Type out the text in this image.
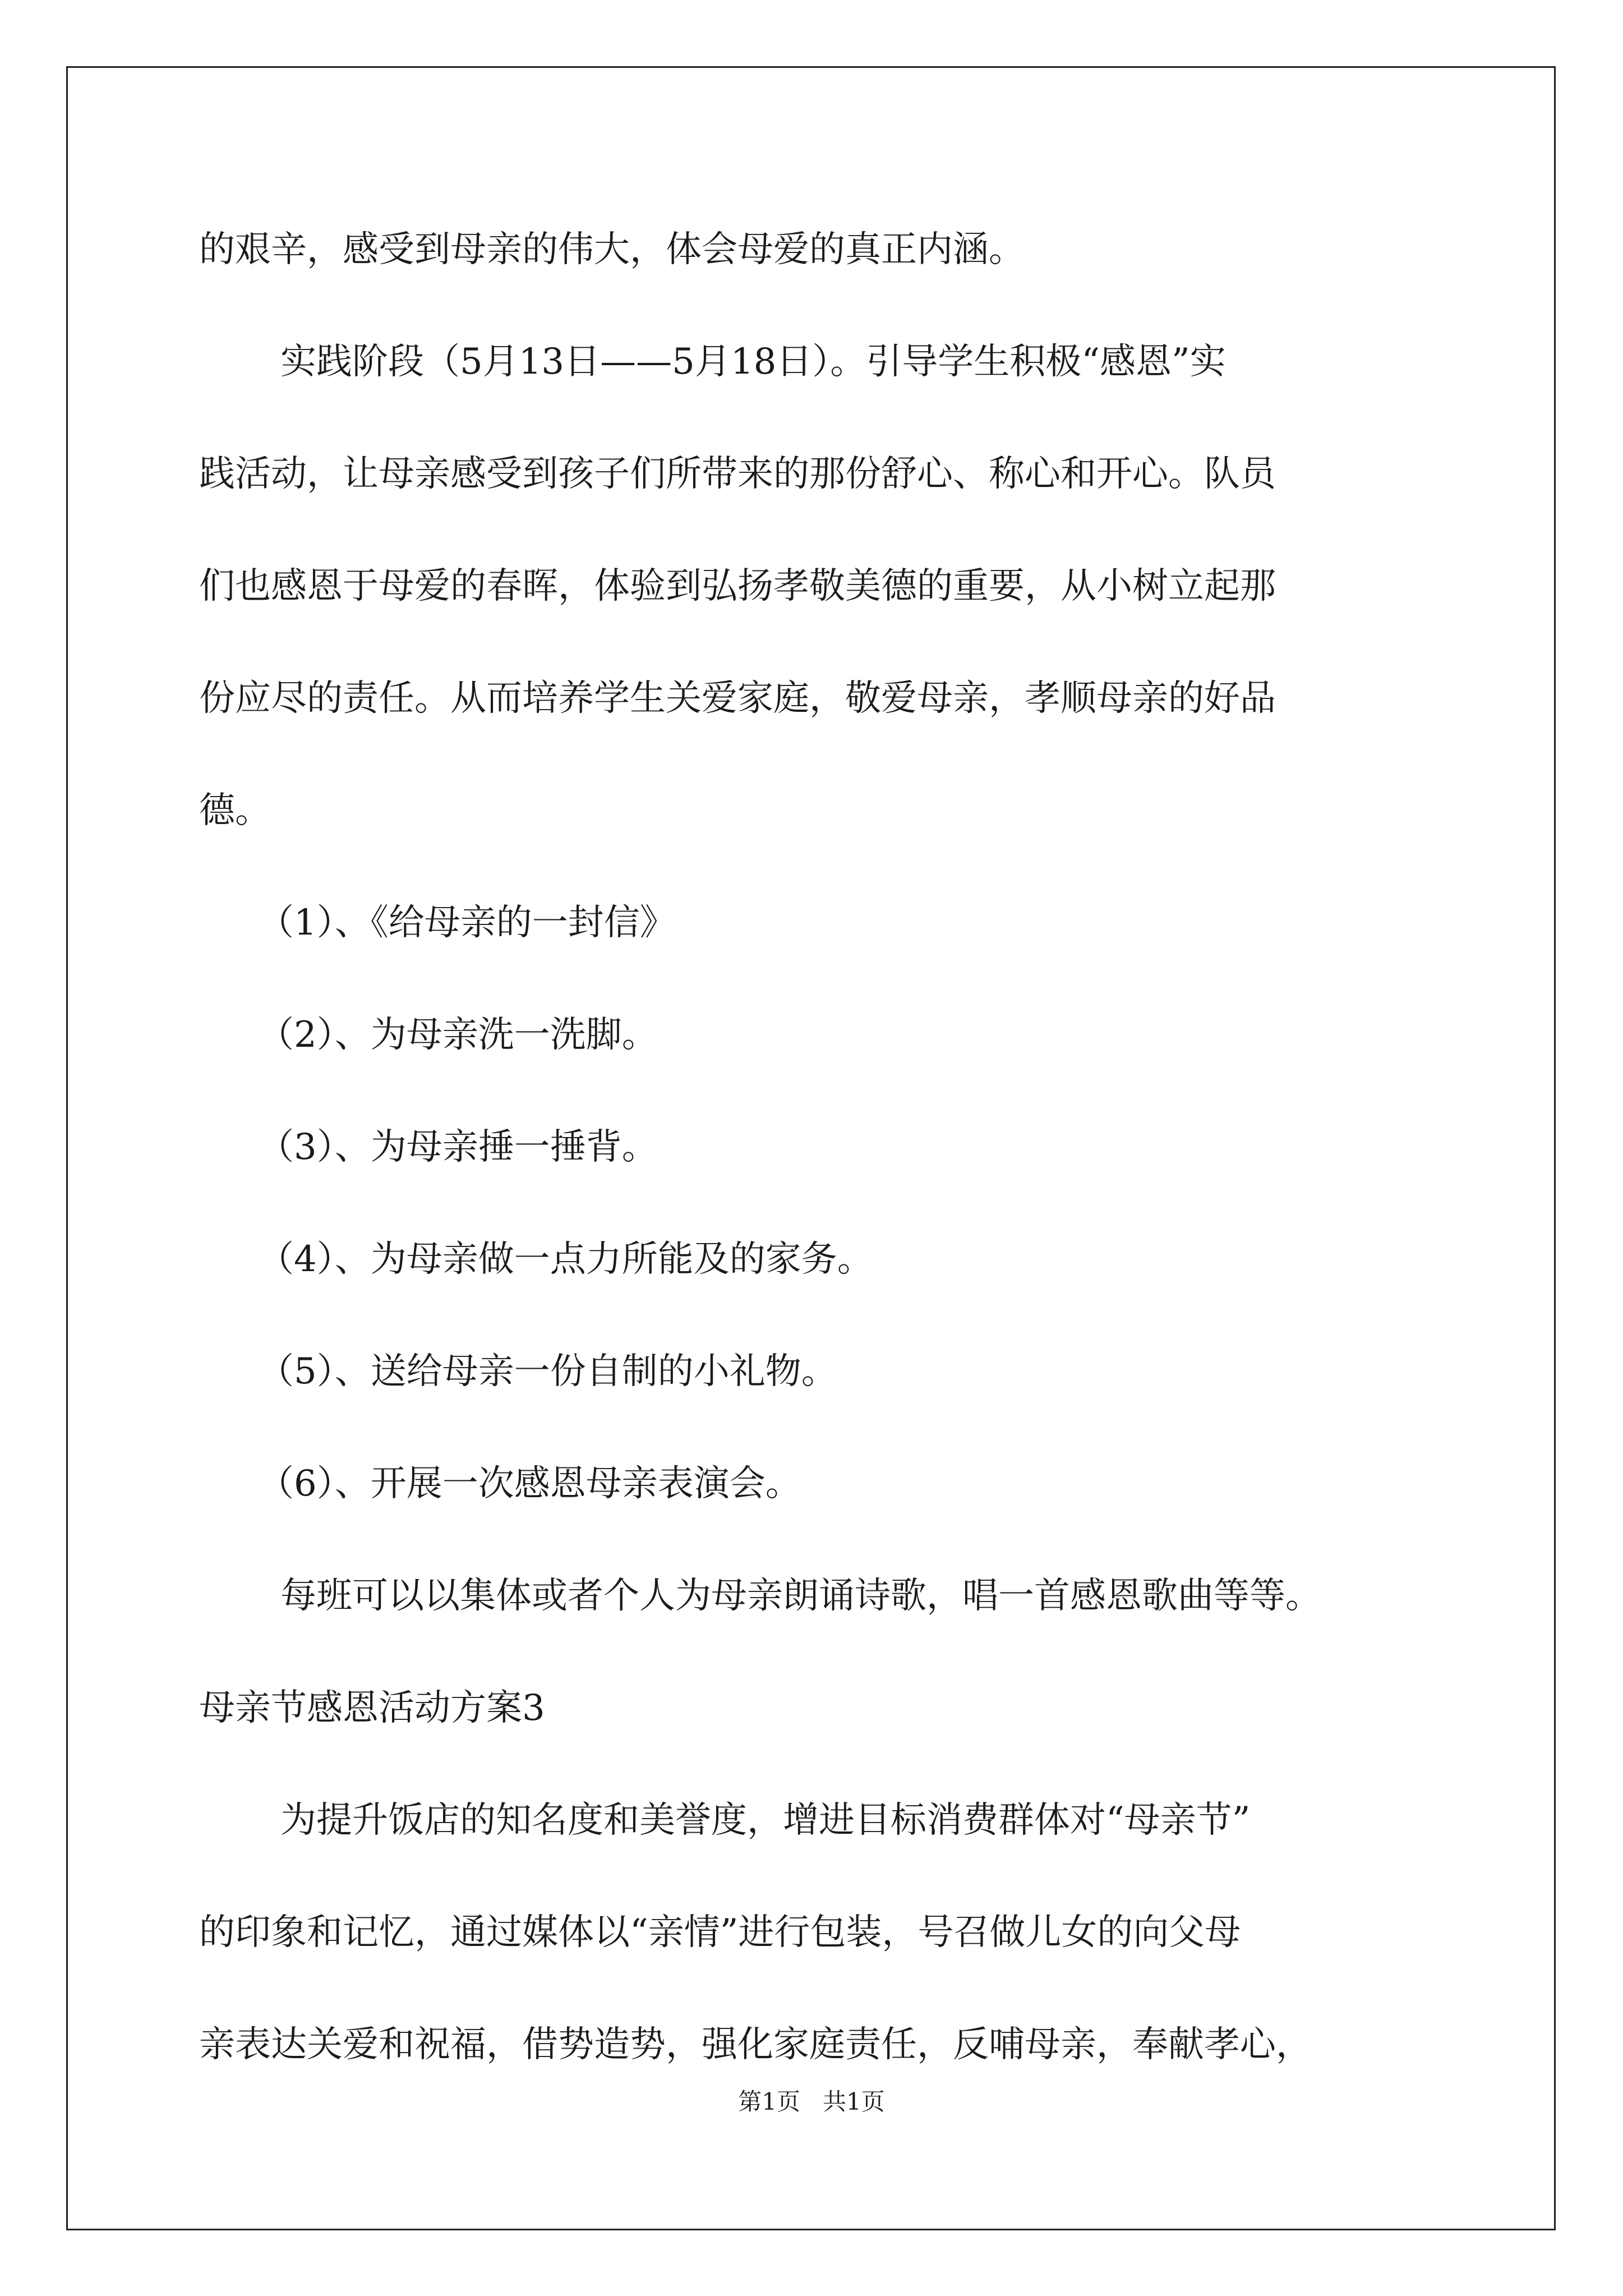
的艰辛，感受到母亲的伟大，体会母爱的真正内涵。
实践阶段（5月13日——5月18日）。引导学生积极“感恩”实
践活动，让母亲感受到孩子们所带来的那份舒心、称心和开心。队员
们也感恩于母爱的春晖，体验到弘扬孝敬美德的重要，从小树立起那
份应尽的责任。从而培养学生关爱家庭，敬爱母亲，孝顺母亲的好品
德。
（1）、《给母亲的一封信》
（2）、为母亲洗一洗脚。
（3）、为母亲捶一捶背。
（4）、为母亲做一点力所能及的家务。
（5）、送给母亲一份自制的小礼物。
（6）、开展一次感恩母亲表演会。
每班可以以集体或者个人为母亲朗诵诗歌，唱一首感恩歌曲等等。
母亲节感恩活动方案3
为提升饭店的知名度和美誉度，增进目标消费群体对“母亲节”
的印象和记忆，通过媒体以“亲情”进行包装，号召做儿女的向父母
亲表达关爱和祝福，借势造势，强化家庭责任，反哺母亲，奉献孝心，
第1页   共1页
